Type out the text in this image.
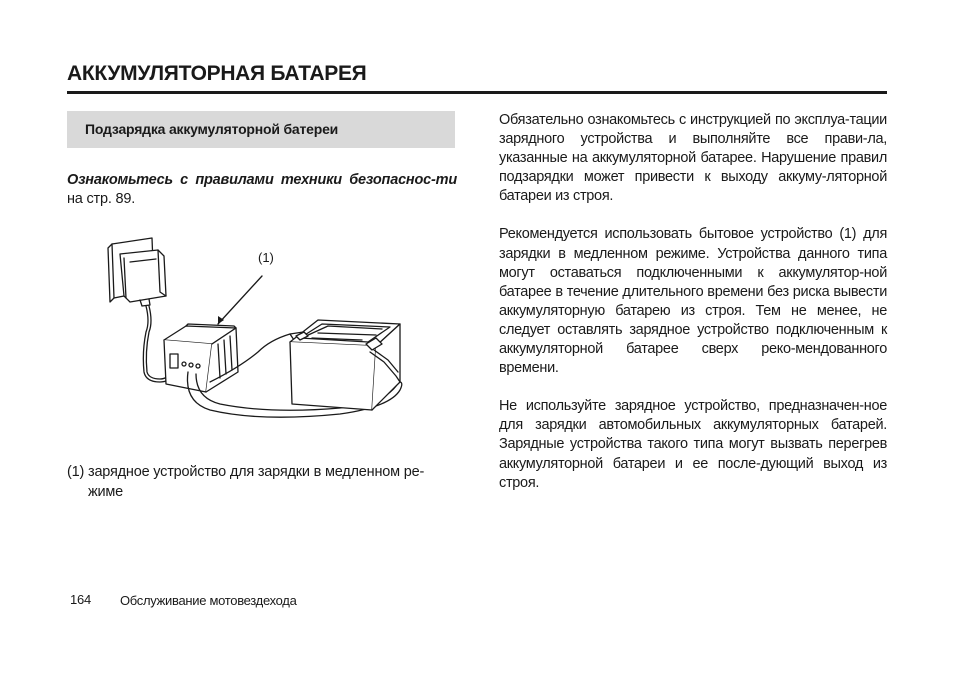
АККУМУЛЯТОРНАЯ БАТАРЕЯ
Подзарядка аккумуляторной батереи

Ознакомьтесь с правилами техники безопаснос-ти на стр. 89.

(1)

(1) зарядное устройство для зарядки в медленном ре-
жиме

Обязательно ознакомьтесь с инструкцией по эксплуа-тации зарядного устройства и выполняйте все прави-ла, указанные на аккумуляторной батарее. Нарушение правил подзарядки может привести к выходу аккуму-ляторной батареи из строя.

Рекомендуется использовать бытовое устройство (1) для зарядки в медленном режиме. Устройства данного типа могут оставаться подключенными к аккумулятор-ной батарее в течение длительного времени без риска вывести аккумуляторную батарею из строя. Тем не менее, не следует оставлять зарядное устройство подключенным к аккумуляторной батарее сверх реко-мендованного времени.

Не используйте зарядное устройство, предназначен-ное для зарядки автомобильных аккумуляторных батарей. Зарядные устройства такого типа могут вызвать перегрев аккумуляторной батареи и ее после-дующий выход из строя.

164 Обслуживание мотовездехода
